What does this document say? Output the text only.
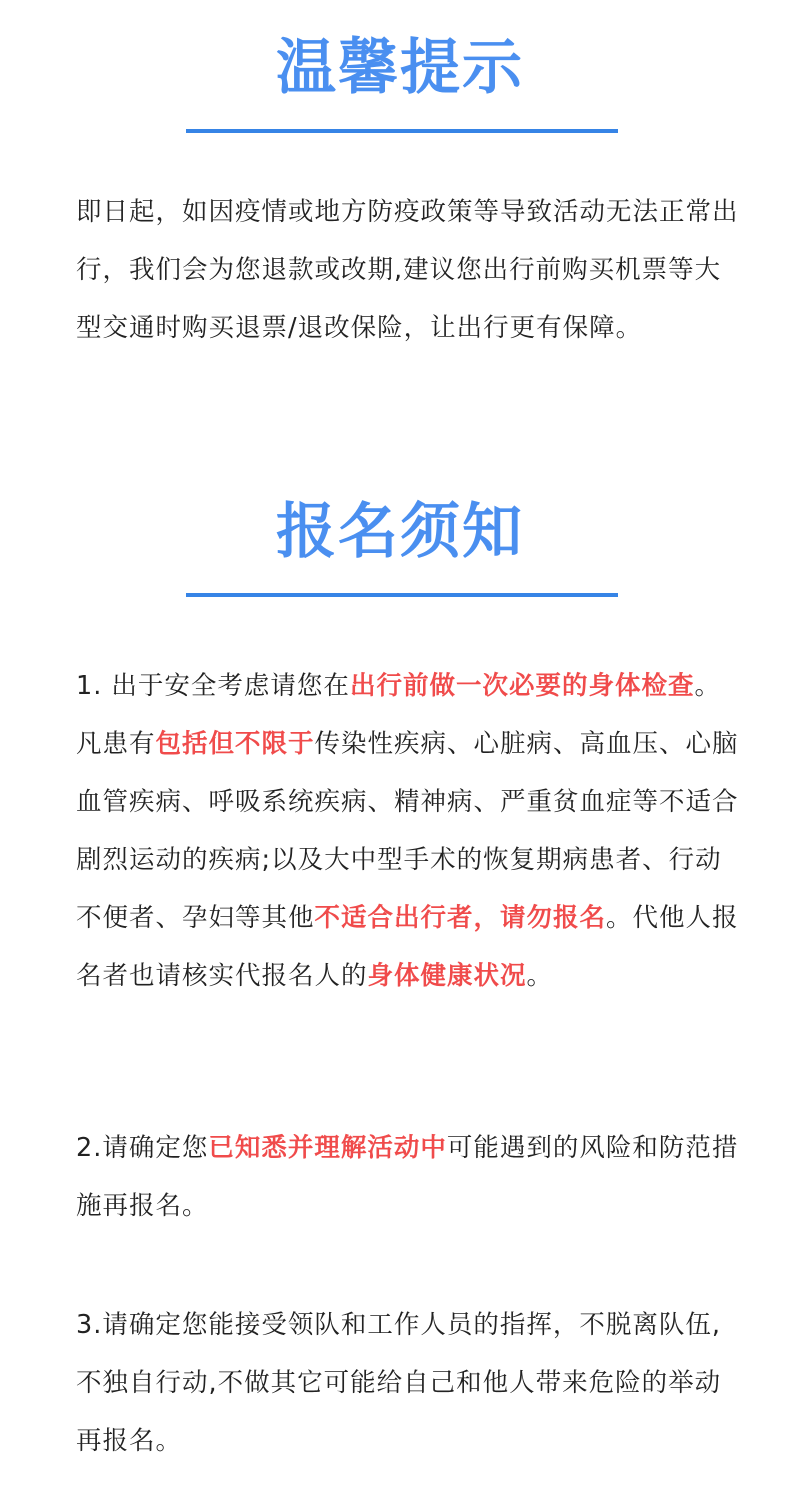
温馨提示

即日起，如因疫情或地方防疫政策等导致活动无法正常出行，我们会为您退款或改期,建议您出行前购买机票等大型交通时购买退票/退改保险，让出行更有保障。

报名须知

1. 出于安全考虑请您在出行前做一次必要的身体检查。凡患有包括但不限于传染性疾病、心脏病、高血压、心脑血管疾病、呼吸系统疾病、精神病、严重贫血症等不适合剧烈运动的疾病;以及大中型手术的恢复期病患者、行动不便者、孕妇等其他不适合出行者，请勿报名。代他人报名者也请核实代报名人的身体健康状况。

2.请确定您已知悉并理解活动中可能遇到的风险和防范措施再报名。

3.请确定您能接受领队和工作人员的指挥，不脱离队伍,不独自行动,不做其它可能给自己和他人带来危险的举动再报名。
